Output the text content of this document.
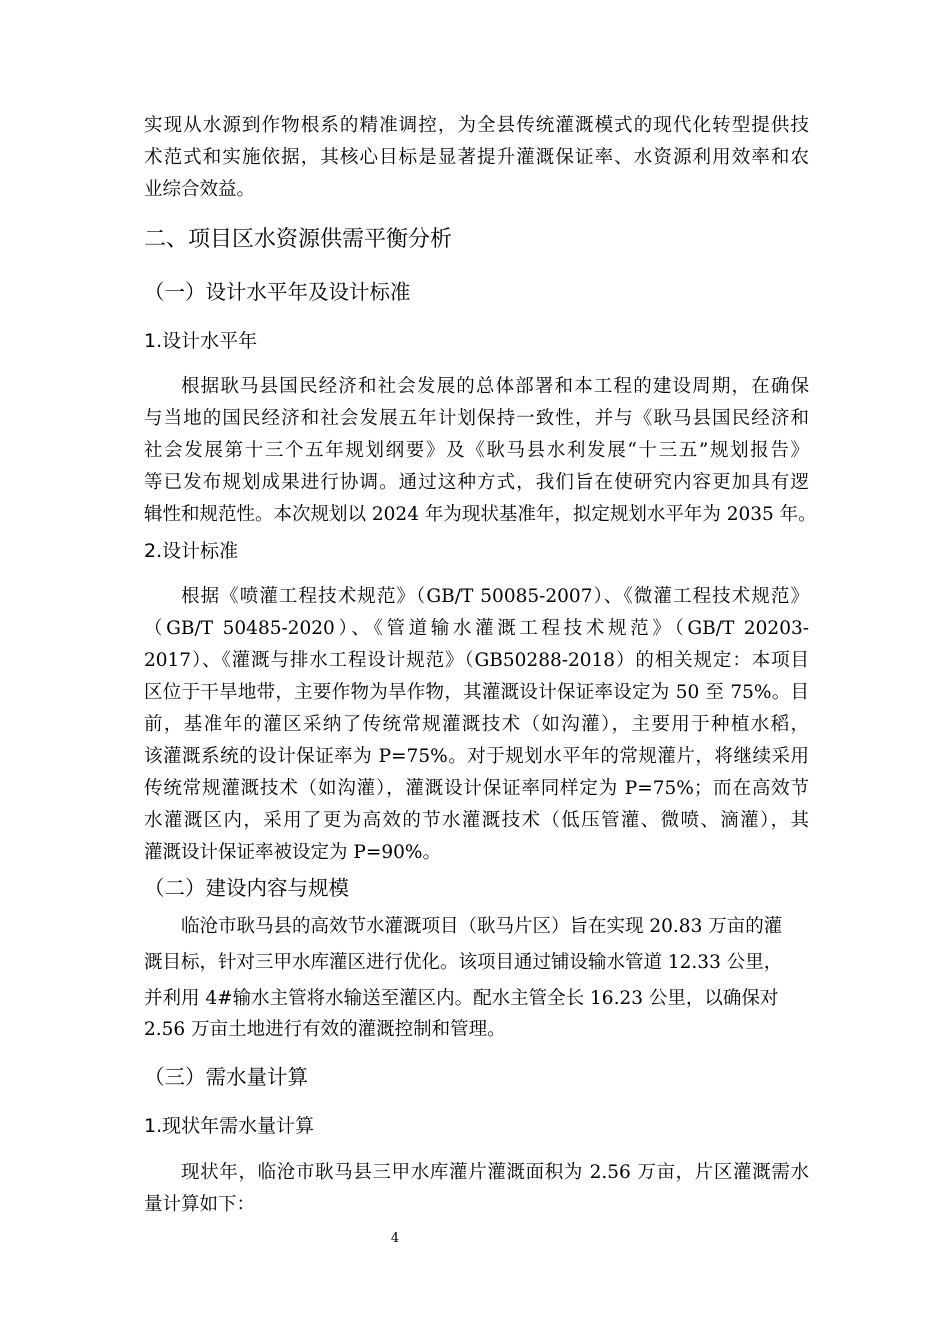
实现从水源到作物根系的精准调控，为全县传统灌溉模式的现代化转型提供技

术范式和实施依据，其核心目标是显著提升灌溉保证率、水资源利用效率和农

业综合效益。

二、项目区水资源供需平衡分析
（一）设计水平年及设计标准
1.设计水平年

根据耿马县国民经济和社会发展的总体部署和本工程的建设周期，在确保

与当地的国民经济和社会发展五年计划保持一致性，并与《耿马县国民经济和

社会发展第十三个五年规划纲要》及《耿马县水利发展“十三五”规划报告》

等已发布规划成果进行协调。通过这种方式，我们旨在使研究内容更加具有逻

辑性和规范性。本次规划以 2024 年为现状基准年，拟定规划水平年为 2035 年。

2.设计标准

根据《喷灌工程技术规范》（GB/T 50085-2007）、《微灌工程技术规范》

（GB/T 50485-2020）、《管道输水灌溉工程技术规范》（GB/T 20203-

2017）、《灌溉与排水工程设计规范》（GB50288-2018）的相关规定：本项目

区位于干旱地带，主要作物为旱作物，其灌溉设计保证率设定为 50 至 75%。目

前，基准年的灌区采纳了传统常规灌溉技术（如沟灌），主要用于种植水稻，

该灌溉系统的设计保证率为 P=75%。对于规划水平年的常规灌片，将继续采用

传统常规灌溉技术（如沟灌），灌溉设计保证率同样定为 P=75%；而在高效节

水灌溉区内，采用了更为高效的节水灌溉技术（低压管灌、微喷、滴灌），其

灌溉设计保证率被设定为 P=90%。

（二）建设内容与规模

临沧市耿马县的高效节水灌溉项目（耿马片区）旨在实现 20.83 万亩的灌

溉目标，针对三甲水库灌区进行优化。该项目通过铺设输水管道 12.33 公里，

并利用 4#输水主管将水输送至灌区内。配水主管全长 16.23 公里，以确保对

2.56 万亩土地进行有效的灌溉控制和管理。

（三）需水量计算
1.现状年需水量计算

现状年，临沧市耿马县三甲水库灌片灌溉面积为 2.56 万亩，片区灌溉需水

量计算如下：

4
